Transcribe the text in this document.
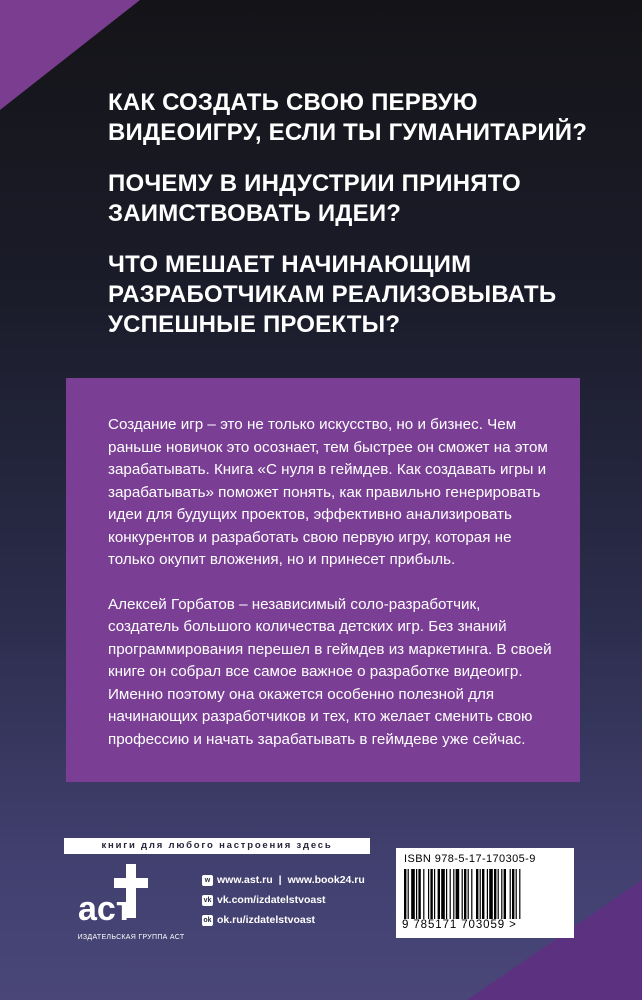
КАК СОЗДАТЬ СВОЮ ПЕРВУЮ ВИДЕОИГРУ, ЕСЛИ ТЫ ГУМАНИТАРИЙ?

ПОЧЕМУ В ИНДУСТРИИ ПРИНЯТО ЗАИМСТВОВАТЬ ИДЕИ?

ЧТО МЕШАЕТ НАЧИНАЮЩИМ РАЗРАБОТЧИКАМ РЕАЛИЗОВЫВАТЬ УСПЕШНЫЕ ПРОЕКТЫ?

Создание игр – это не только искусство, но и бизнес. Чем раньше новичок это осознает, тем быстрее он сможет на этом зарабатывать. Книга «С нуля в геймдев. Как создавать игры и зарабатывать» поможет понять, как правильно генерировать идеи для будущих проектов, эффективно анализировать конкурентов и разработать свою первую игру, которая не только окупит вложения, но и принесет прибыль.

Алексей Горбатов – независимый соло-разработчик, создатель большого количества детских игр. Без знаний программирования перешел в геймдев из маркетинга. В своей книге он собрал все самое важное о разработке видеоигр. Именно поэтому она окажется особенно полезной для начинающих разработчиков и тех, кто желает сменить свою профессию и начать зарабатывать в геймдеве уже сейчас.

книги для любого настроения здесь
аст
ИЗДАТЕЛЬСКАЯ ГРУППА АСТ
w www.ast.ru | www.book24.ru
vk vk.com/izdatelstvoast
ok ok.ru/izdatelstvoast
ISBN 978-5-17-170305-9
9 785171 703059 >
